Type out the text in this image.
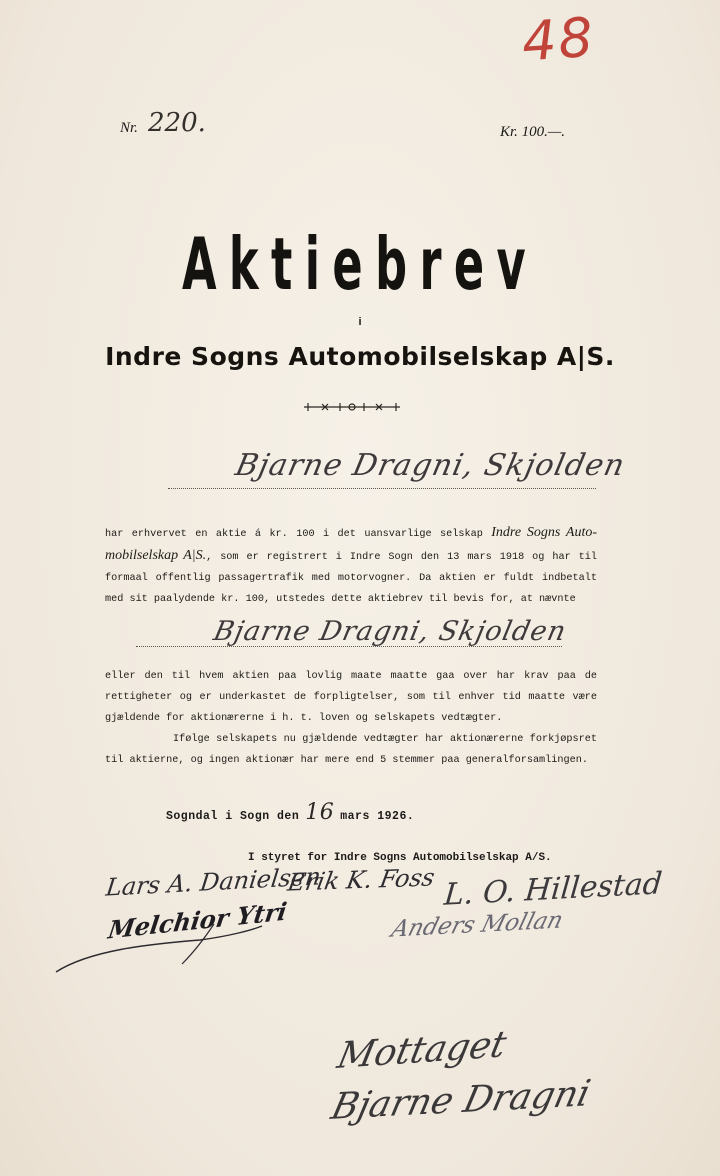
48
Nr. 220.	Kr. 100.—.
Aktiebrev
i
Indre Sogns Automobilselskap A|S.
Bjarne Dragni, Skjolden

har erhvervet en aktie á kr. 100 i det uansvarlige selskap Indre Sogns Auto- mobilselskap A|S., som er registrert i Indre Sogn den 13 mars 1918 og har til formaal offentlig passagertrafik med motorvogner. Da aktien er fuldt indbetalt med sit paalydende kr. 100, utstedes dette aktiebrev til bevis for, at nævnte

Bjarne Dragni, Skjolden

eller den til hvem aktien paa lovlig maate maatte gaa over har krav paa de rettigheter og er underkastet de forpligtelser, som til enhver tid maatte være gjældende for aktionærerne i h. t. loven og selskapets vedtægter.

Ifølge selskapets nu gjældende vedtægter har aktionærerne forkjøpsret til aktierne, og ingen aktionær har mere end 5 stemmer paa generalforsamlingen.

Sogndal i Sogn den 16 mars 1926.
I styret for Indre Sogns Automobilselskap A/S.
Lars A. Danielsen
Erik K. Foss L. O. Hillestad
Melchior Ytri	Anders Mollan
Mottaget
Bjarne Dragni
